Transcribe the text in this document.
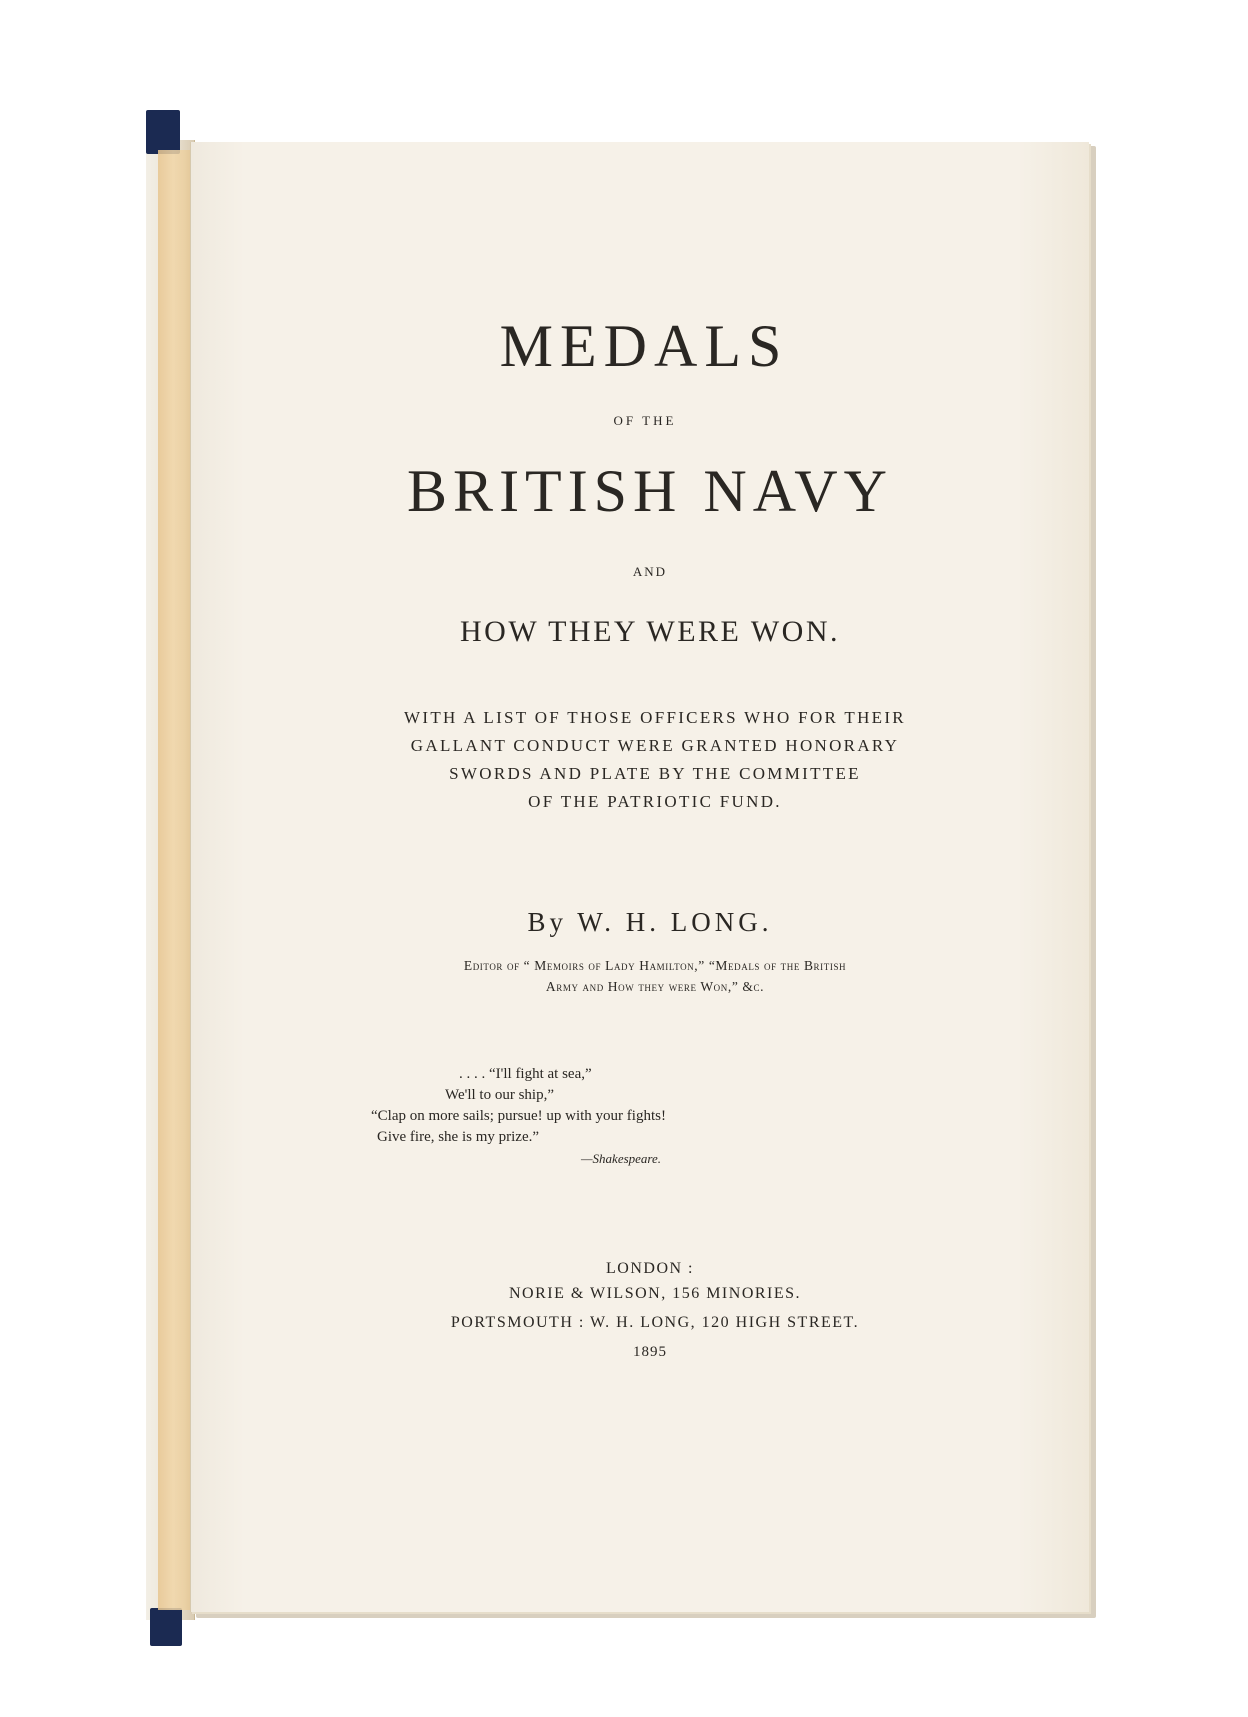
MEDALS
OF THE
BRITISH NAVY
AND
HOW THEY WERE WON.
WITH A LIST OF THOSE OFFICERS WHO FOR THEIR
GALLANT CONDUCT WERE GRANTED HONORARY
SWORDS AND PLATE BY THE COMMITTEE
OF THE PATRIOTIC FUND.
By W. H. LONG.
Editor of “ Memoirs of Lady Hamilton,” “Medals of the British
Army and How they were Won,” &c.
. . . . “I'll fight at sea,”
We'll to our ship,”
“Clap on more sails; pursue! up with your fights!
Give fire, she is my prize.”
—Shakespeare.
LONDON :
NORIE & WILSON, 156 MINORIES.
PORTSMOUTH : W. H. LONG, 120 HIGH STREET.
1895
